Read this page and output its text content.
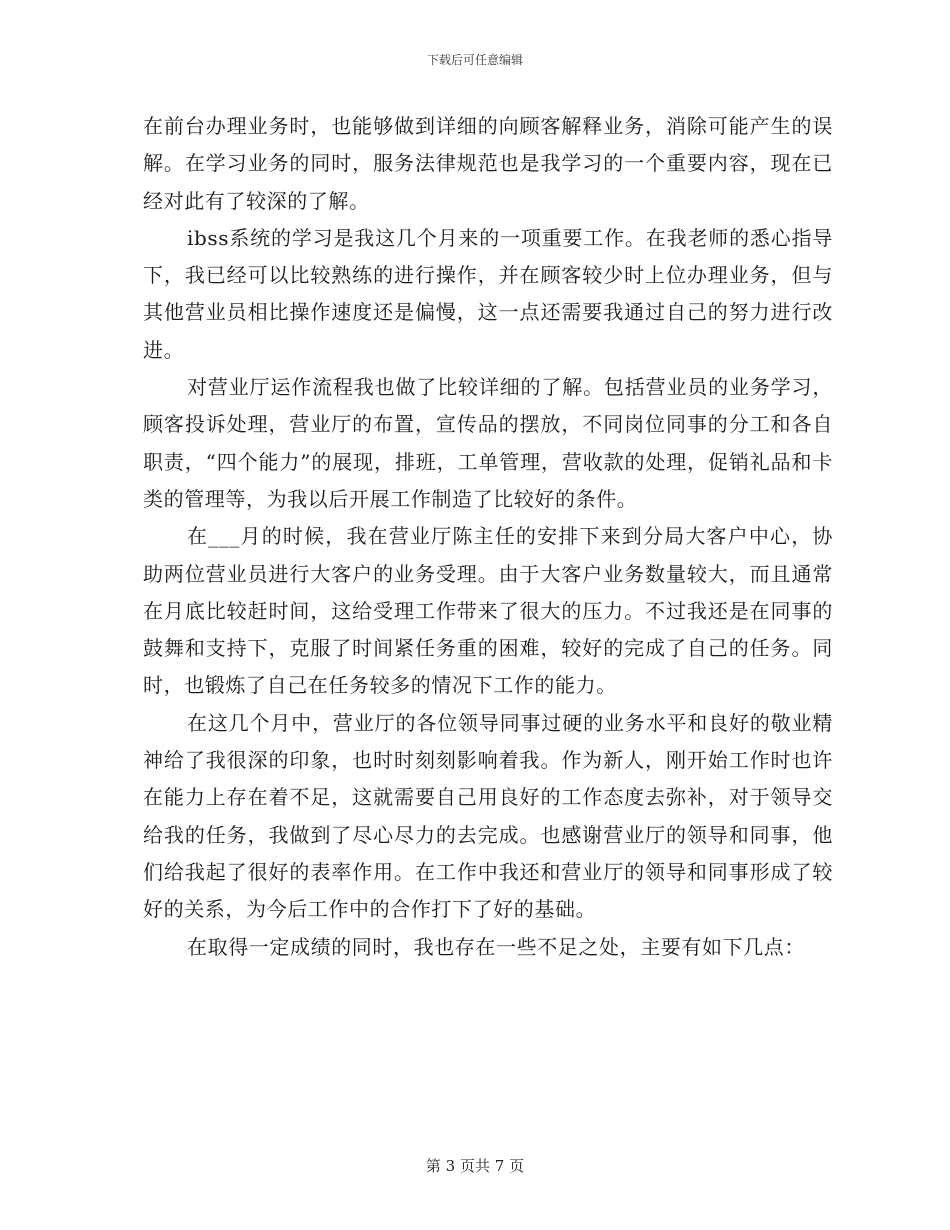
下载后可任意编辑

在前台办理业务时，也能够做到详细的向顾客解释业务，消除可能产生的误解。在学习业务的同时，服务法律规范也是我学习的一个重要内容，现在已经对此有了较深的了解。

ibss系统的学习是我这几个月来的一项重要工作。在我老师的悉心指导下，我已经可以比较熟练的进行操作，并在顾客较少时上位办理业务，但与其他营业员相比操作速度还是偏慢，这一点还需要我通过自己的努力进行改进。

对营业厅运作流程我也做了比较详细的了解。包括营业员的业务学习，顾客投诉处理，营业厅的布置，宣传品的摆放，不同岗位同事的分工和各自职责，“四个能力”的展现，排班，工单管理，营收款的处理，促销礼品和卡类的管理等，为我以后开展工作制造了比较好的条件。

在___月的时候，我在营业厅陈主任的安排下来到分局大客户中心，协助两位营业员进行大客户的业务受理。由于大客户业务数量较大，而且通常在月底比较赶时间，这给受理工作带来了很大的压力。不过我还是在同事的鼓舞和支持下，克服了时间紧任务重的困难，较好的完成了自己的任务。同时，也锻炼了自己在任务较多的情况下工作的能力。

在这几个月中，营业厅的各位领导同事过硬的业务水平和良好的敬业精神给了我很深的印象，也时时刻刻影响着我。作为新人，刚开始工作时也许在能力上存在着不足，这就需要自己用良好的工作态度去弥补，对于领导交给我的任务，我做到了尽心尽力的去完成。也感谢营业厅的领导和同事，他们给我起了很好的表率作用。在工作中我还和营业厅的领导和同事形成了较好的关系，为今后工作中的合作打下了好的基础。

在取得一定成绩的同时，我也存在一些不足之处，主要有如下几点：

第 3 页共 7 页
